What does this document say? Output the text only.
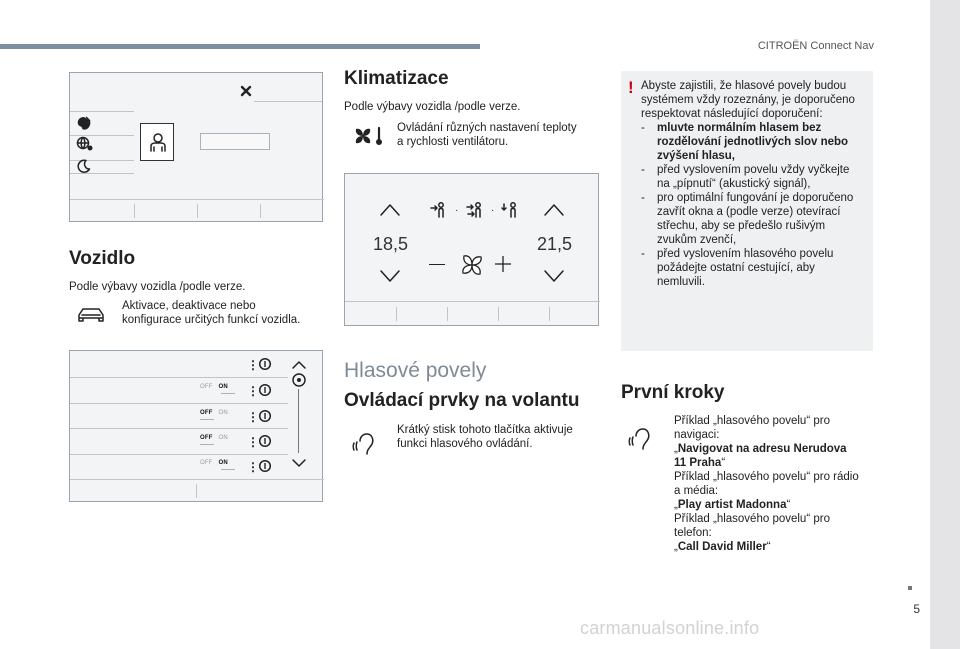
CITROËN Connect Nav
5
carmanualsonline.info
Vozidlo
Podle výbavy vozidla /podle verze.
Aktivace, deaktivace nebo
konfigurace určitých funkcí vozidla.
⋮
OFF ON ⋮
OFF ON ⋮
OFF ON ⋮
OFF ON ⋮
Klimatizace
Podle výbavy vozidla /podle verze.
Ovládání různých nastavení teploty
a rychlosti ventilátoru.
18,5	21,5
·	·
Hlasové povely
Ovládací prvky na volantu
Krátký stisk tohoto tlačítka aktivuje
funkci hlasového ovládání.
! Abyste zajistili, že hlasové povely budou
systémem vždy rozeznány, je doporučeno
respektovat následující doporučení:
- mluvte normálním hlasem bez
rozdělování jednotlivých slov nebo
zvýšení hlasu,
- před vyslovením povelu vždy vyčkejte
na „pípnutí“ (akustický signál),
- pro optimální fungování je doporučeno
zavřít okna a (podle verze) otevírací
střechu, aby se předešlo rušivým
zvukům zvenčí,
- před vyslovením hlasového povelu
požádejte ostatní cestující, aby
nemluvili.
První kroky
Příklad „hlasového povelu“ pro
navigaci:
„Navigovat na adresu Nerudova
11 Praha“
Příklad „hlasového povelu“ pro rádio
a média:
„Play artist Madonna“
Příklad „hlasového povelu“ pro
telefon:
„Call David Miller“
